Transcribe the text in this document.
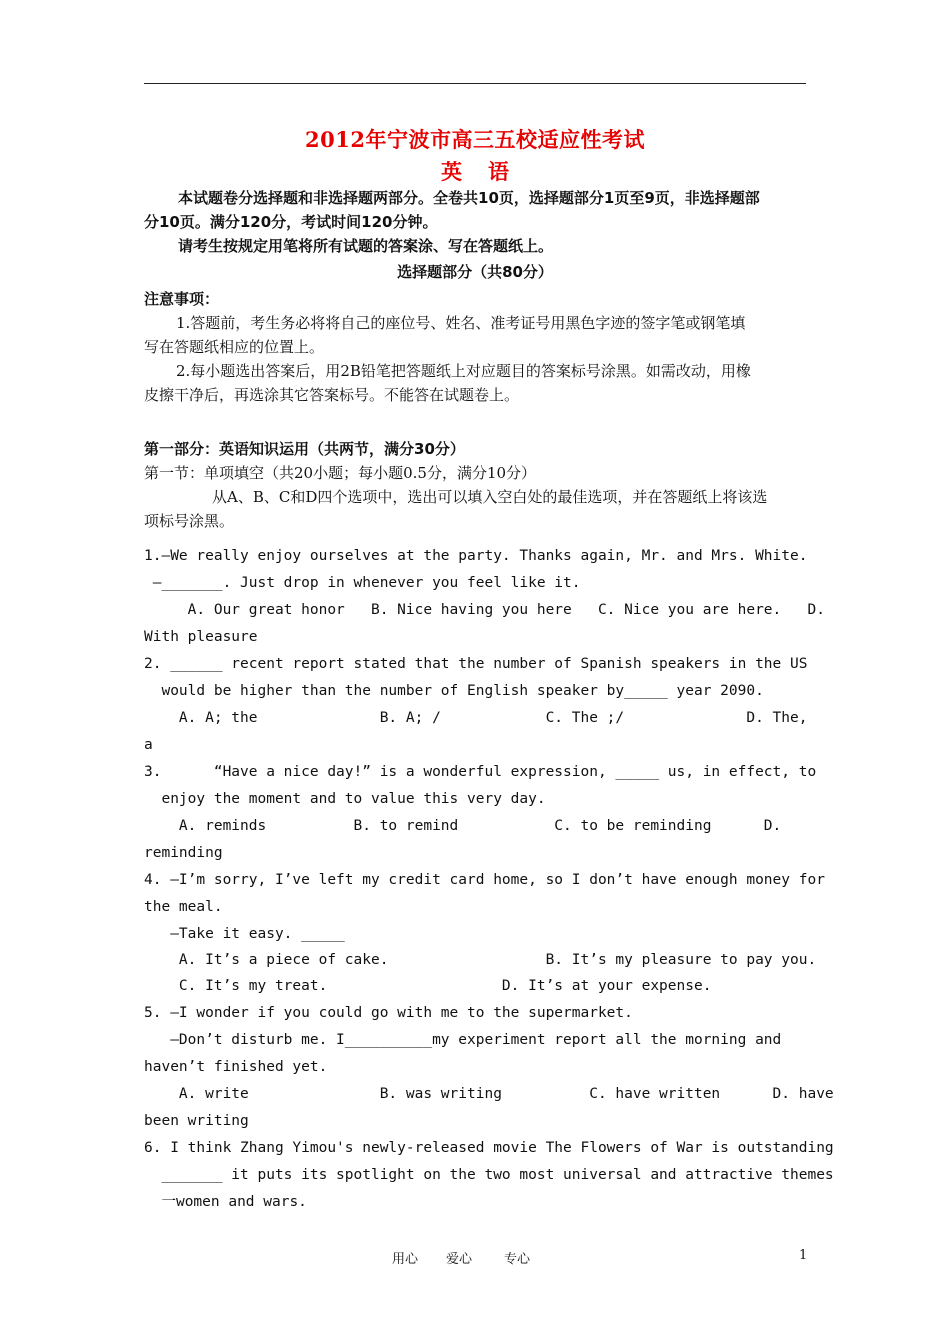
2012年宁波市高三五校适应性考试
英语
本试题卷分选择题和非选择题两部分。全卷共10页，选择题部分1页至9页，非选择题部
分10页。满分120分，考试时间120分钟。
请考生按规定用笔将所有试题的答案涂、写在答题纸上。
选择题部分（共80分）
注意事项：
1.答题前，考生务必将将自己的座位号、姓名、准考证号用黑色字迹的签字笔或钢笔填
写在答题纸相应的位置上。
2.每小题选出答案后，用2B铅笔把答题纸上对应题目的答案标号涂黑。如需改动，用橡
皮擦干净后，再选涂其它答案标号。不能答在试题卷上。
第一部分：英语知识运用（共两节，满分30分）
第一节：单项填空（共20小题；每小题0.5分，满分10分）
从A、B、C和D四个选项中，选出可以填入空白处的最佳选项，并在答题纸上将该选
项标号涂黑。
1.—We really enjoy ourselves at the party. Thanks again, Mr. and Mrs. White.
—_______. Just drop in whenever you feel like it.
A. Our great honor   B. Nice having you here   C. Nice you are here.   D.
With pleasure
2. ______ recent report stated that the number of Spanish speakers in the US
would be higher than the number of English speaker by_____ year 2090.
A. A; the              B. A; /            C. The ;/              D. The,
a
3.      “Have a nice day!” is a wonderful expression, _____ us, in effect, to
enjoy the moment and to value this very day.
A. reminds          B. to remind           C. to be reminding      D.
reminding
4. —I’m sorry, I’ve left my credit card home, so I don’t have enough money for
the meal.
—Take it easy. _____
A. It’s a piece of cake.                  B. It’s my pleasure to pay you.
C. It’s my treat.                    D. It’s at your expense.
5. —I wonder if you could go with me to the supermarket.
—Don’t disturb me. I__________my experiment report all the morning and
haven’t finished yet.
A. write               B. was writing          C. have written      D. have
been writing
6. I think Zhang Yimou's newly-released movie The Flowers of War is outstanding
_______ it puts its spotlight on the two most universal and attractive themes
一women and wars.
用心 爱心 专心	1
